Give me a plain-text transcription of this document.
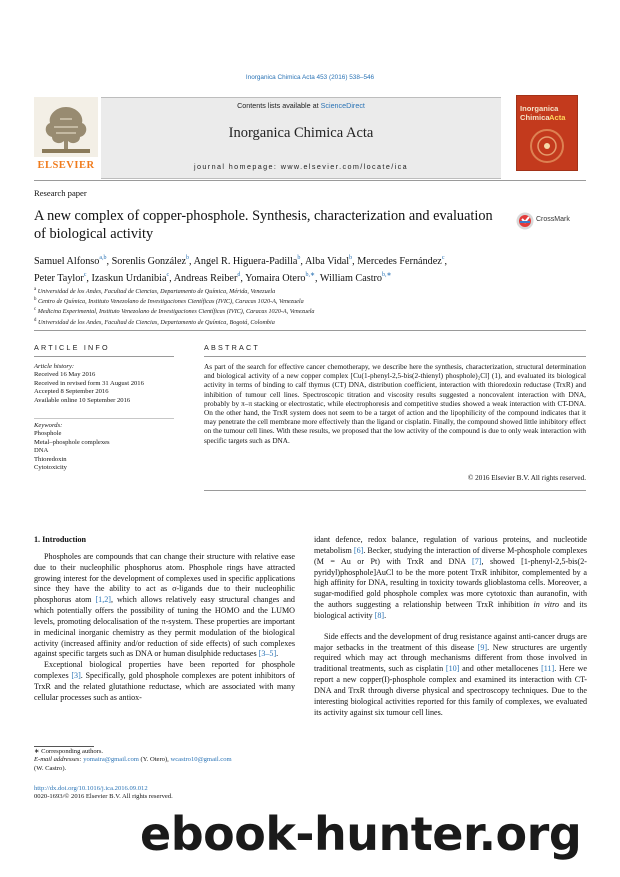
Inorganica Chimica Acta 453 (2016) 538–546
ELSEVIER
Contents lists available at ScienceDirect
Inorganica Chimica Acta
journal homepage: www.elsevier.com/locate/ica
Inorganica
Chimica Acta
Research paper
A new complex of copper-phosphole. Synthesis, characterization and evaluation of biological activity
CrossMark
Samuel Alfonso$^{a,b}$, Sorenlis González$^b$, Angel R. Higuera-Padilla$^b$, Alba Vidal$^b$, Mercedes Fernández$^c$,
Peter Taylor$^c$, Izaskun Urdanibia$^c$, Andreas Reiber$^d$, Yomaira Otero$^{b,∗}$, William Castro$^{b,∗}$
$^a$ Universidad de los Andes, Facultad de Ciencias, Departamento de Química, Mérida, Venezuela
$^b$ Centro de Química, Instituto Venezolano de Investigaciones Científicas (IVIC), Caracas 1020-A, Venezuela
$^c$ Medicina Experimental, Instituto Venezolano de Investigaciones Científicas (IVIC), Caracas 1020-A, Venezuela
$^d$ Universidad de los Andes, Facultad de Ciencias, Departamento de Química, Bogotá, Colombia
ARTICLE INFO	ABSTRACT
Article history:
Received 16 May 2016
Received in revised form 31 August 2016
Accepted 8 September 2016
Available online 10 September 2016
Keywords:
Phosphole
Metal–phosphole complexes
DNA
Thioredoxin
Cytotoxicity
As part of the search for effective cancer chemotherapy, we describe here the synthesis, characterization, structural determination and biological activity of a new copper complex [Cu(1-phenyl-2,5-bis(2-thienyl) phosphole)₂Cl] (1), and evaluated its biological activity in terms of binding to calf thymus (CT) DNA, distribution coefficient, interaction with thioredoxin reductase (TrxR) and inhibition of tumour cell lines. Spectroscopic titration and viscosity results suggested a noncovalent interaction with DNA, probably by π–π stacking or electrostatic, while electrophoresis and competitive studies showed a weak interaction with CT-DNA. On the other hand, the TrxR system does not seem to be a target of action and the lipophilicity of the compound indicates that it may penetrate the cell membrane more effectively than the ligand or cisplatin. Finally, the compound showed little inhibitory effect on the tumour cell lines. With these results, we proposed that the low activity of the compound is due to only weak interaction with specific targets such as DNA.
© 2016 Elsevier B.V. All rights reserved.
1. Introduction

Phospholes are compounds that can change their structure with relative ease due to their nucleophilic phosphorus atom. Phosphole rings have attracted growing interest for the development of complexes used in specific applications since they have the ability to act as σ-ligands due to their nucleophilic phosphorus atom [1,2], which allows relatively easy structural changes and which potentially offers the possibility of tuning the HOMO and the LUMO levels, promoting delocalisation of the π-system. These properties are important in medicinal inorganic chemistry as they permit modulation of the biological activity (increased affinity and/or reduction of side effects) of such complexes against specific targets such as DNA or human disulphide reductases [3–5].

Exceptional biological properties have been reported for phosphole complexes [3]. Specifically, gold phosphole complexes are potent inhibitors of TrxR and the related glutathione reductase, which are associated with many cellular processes such as antiox-

idant defence, redox balance, regulation of various proteins, and nucleotide metabolism [6]. Becker, studying the interaction of diverse M-phosphole complexes (M = Au or Pt) with TrxR and DNA [7], showed [1-phenyl-2,5-bis(2-pyridyl)phosphole]AuCl to be the more potent TrxR inhibitor, complemented by a high affinity for DNA, resulting in toxicity towards glioblastoma cells. Moreover, a sugar-modified gold phosphole complex was more cytotoxic than auranofin, with the authors suggesting a relationship between TrxR inhibition in vitro and its biological activity [8].

Side effects and the development of drug resistance against anti-cancer drugs are major setbacks in the treatment of this disease [9]. New structures are urgently required which may act through mechanisms different from those involved in traditional treatments, such as cisplatin [10] and other metallocenes [11]. Here we report a new copper(I)-phosphole complex and examined its interaction with CT-DNA and TrxR through diverse physical and spectroscopy techniques. Due to the interesting biological activities reported for this family of complexes, we evaluated its activity against six tumour cell lines.

∗ Corresponding authors.
E-mail addresses: yomaira@gmail.com (Y. Otero), wcastro10@gmail.com
(W. Castro).
http://dx.doi.org/10.1016/j.ica.2016.09.012
0020-1693/© 2016 Elsevier B.V. All rights reserved.
ebook-hunter.org
